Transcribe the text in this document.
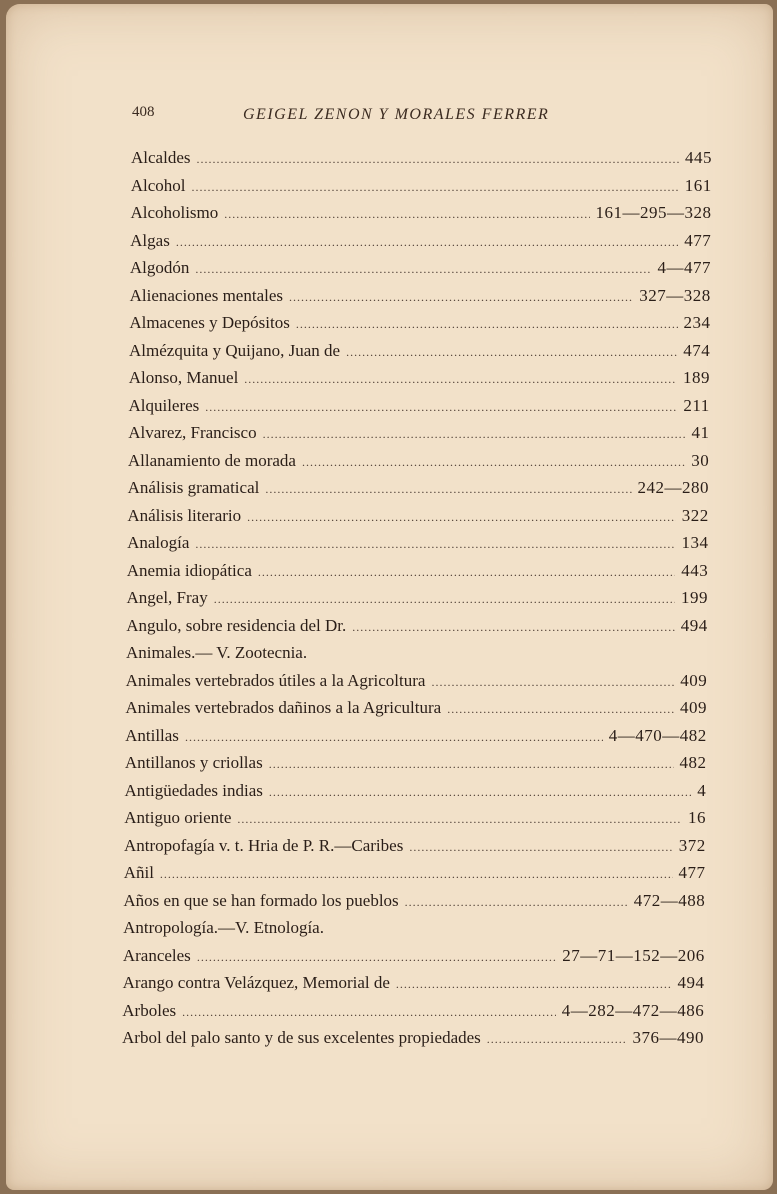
408	GEIGEL ZENON Y MORALES FERRER
Alcaldes .....	445
Alcohol .....	161
Alcoholismo .....	161—295—328
Algas .....	477
Algodón .....	4—477
Alienaciones mentales .....	327—328
Almacenes y Depósitos .....	234
Almézquita y Quijano, Juan de .....	474
Alonso, Manuel .....	189
Alquileres .....	211
Alvarez, Francisco .....	41
Allanamiento de morada .....	30
Análisis gramatical .....	242—280
Análisis literario .....	322
Analogía .....	134
Anemia idiopática .....	443
Angel, Fray .....	199
Angulo, sobre residencia del Dr. .....	494
Animales.— V. Zootecnia.
Animales vertebrados útiles a la Agricoltura .....	409
Animales vertebrados dañinos a la Agricultura .....	409
Antillas .....	4—470—482
Antillanos y criollas .....	482
Antigüedades indias .....	4
Antiguo oriente .....	16
Antropofagía v. t. Hria de P. R.—Caribes .....	372
Añil .....	477
Años en que se han formado los pueblos .....	472—488
Antropología.—V. Etnología.
Aranceles .....	27—71—152—206
Arango contra Velázquez, Memorial de .....	494
Arboles .....	4—282—472—486
Arbol del palo santo y de sus excelentes propiedades .....	376—490
